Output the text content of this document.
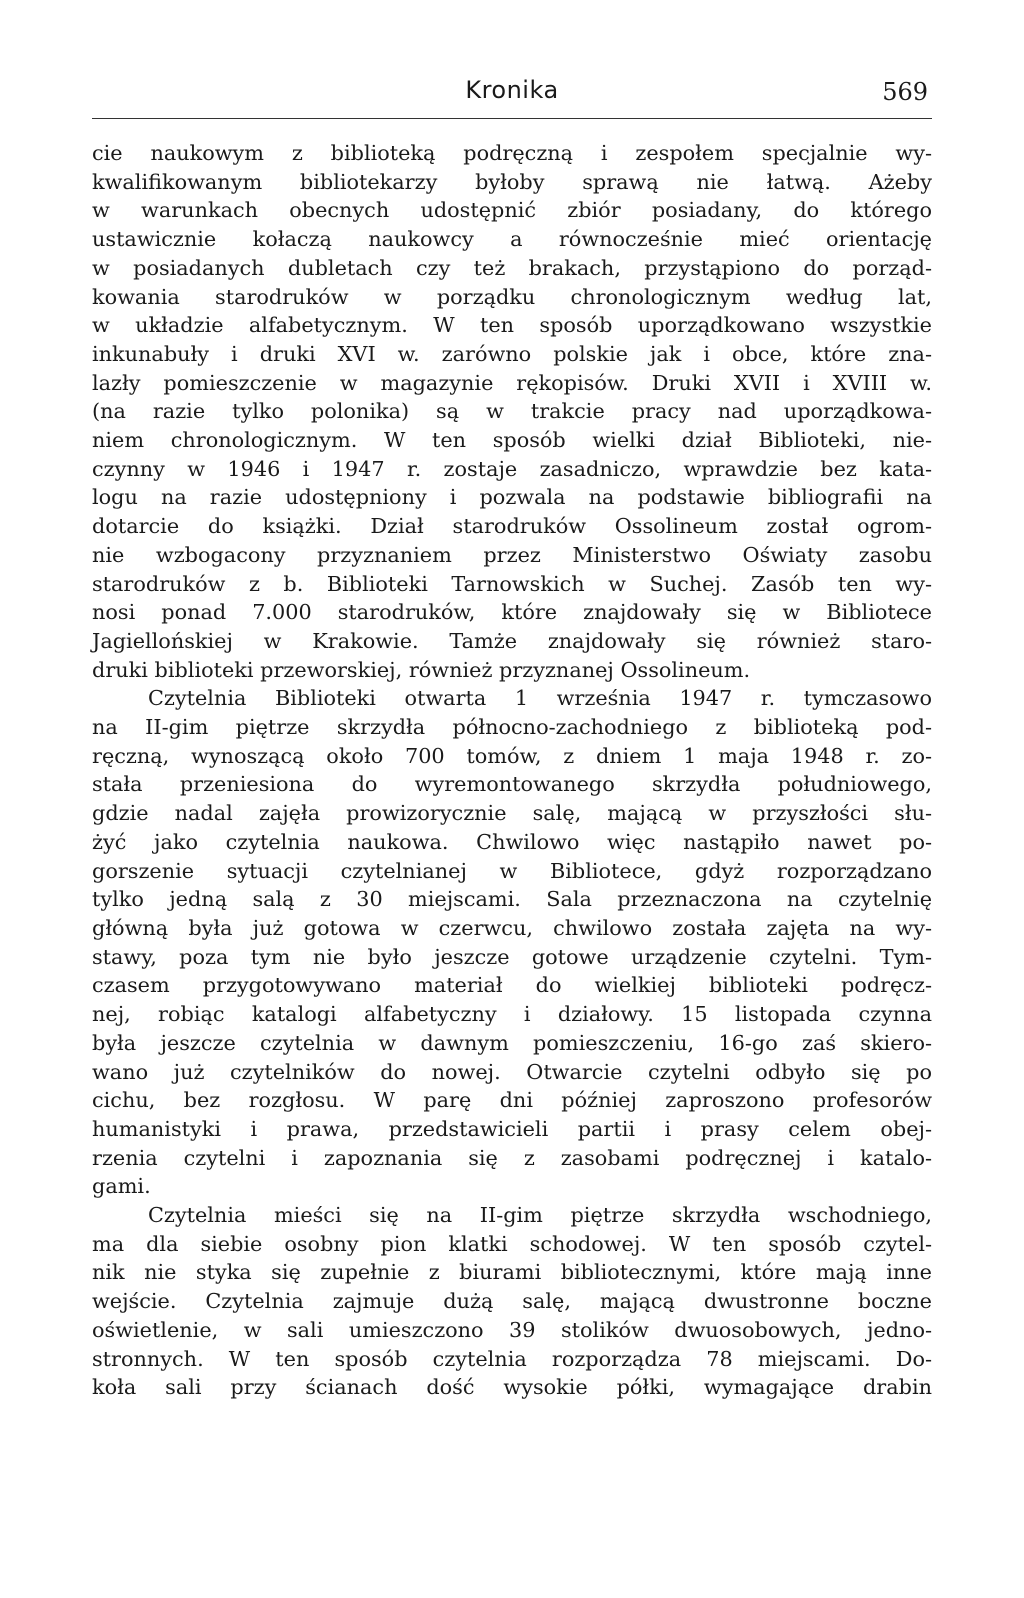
Kronika	569
cie naukowym z biblioteką podręczną i zespołem specjalnie wy-
kwalifikowanym bibliotekarzy byłoby sprawą nie łatwą. Ażeby
w warunkach obecnych udostępnić zbiór posiadany, do którego
ustawicznie kołaczą naukowcy a równocześnie mieć orientację
w posiadanych dubletach czy też brakach, przystąpiono do porząd-
kowania starodruków w porządku chronologicznym według lat,
w układzie alfabetycznym. W ten sposób uporządkowano wszystkie
inkunabuły i druki XVI w. zarówno polskie jak i obce, które zna-
lazły pomieszczenie w magazynie rękopisów. Druki XVII i XVIII w.
(na razie tylko polonika) są w trakcie pracy nad uporządkowa-
niem chronologicznym. W ten sposób wielki dział Biblioteki, nie-
czynny w 1946 i 1947 r. zostaje zasadniczo, wprawdzie bez kata-
logu na razie udostępniony i pozwala na podstawie bibliografii na
dotarcie do książki. Dział starodruków Ossolineum został ogrom-
nie wzbogacony przyznaniem przez Ministerstwo Oświaty zasobu
starodruków z b. Biblioteki Tarnowskich w Suchej. Zasób ten wy-
nosi ponad 7.000 starodruków, które znajdowały się w Bibliotece
Jagiellońskiej w Krakowie. Tamże znajdowały się również staro-
druki biblioteki przeworskiej, również przyznanej Ossolineum.
Czytelnia Biblioteki otwarta 1 września 1947 r. tymczasowo
na II-gim piętrze skrzydła północno-zachodniego z biblioteką pod-
ręczną, wynoszącą około 700 tomów, z dniem 1 maja 1948 r. zo-
stała przeniesiona do wyremontowanego skrzydła południowego,
gdzie nadal zajęła prowizorycznie salę, mającą w przyszłości słu-
żyć jako czytelnia naukowa. Chwilowo więc nastąpiło nawet po-
gorszenie sytuacji czytelnianej w Bibliotece, gdyż rozporządzano
tylko jedną salą z 30 miejscami. Sala przeznaczona na czytelnię
główną była już gotowa w czerwcu, chwilowo została zajęta na wy-
stawy, poza tym nie było jeszcze gotowe urządzenie czytelni. Tym-
czasem przygotowywano materiał do wielkiej biblioteki podręcz-
nej, robiąc katalogi alfabetyczny i działowy. 15 listopada czynna
była jeszcze czytelnia w dawnym pomieszczeniu, 16-go zaś skiero-
wano już czytelników do nowej. Otwarcie czytelni odbyło się po
cichu, bez rozgłosu. W parę dni później zaproszono profesorów
humanistyki i prawa, przedstawicieli partii i prasy celem obej-
rzenia czytelni i zapoznania się z zasobami podręcznej i katalo-
gami.
Czytelnia mieści się na II-gim piętrze skrzydła wschodniego,
ma dla siebie osobny pion klatki schodowej. W ten sposób czytel-
nik nie styka się zupełnie z biurami bibliotecznymi, które mają inne
wejście. Czytelnia zajmuje dużą salę, mającą dwustronne boczne
oświetlenie, w sali umieszczono 39 stolików dwuosobowych, jedno-
stronnych. W ten sposób czytelnia rozporządza 78 miejscami. Do-
koła sali przy ścianach dość wysokie półki, wymagające drabin
